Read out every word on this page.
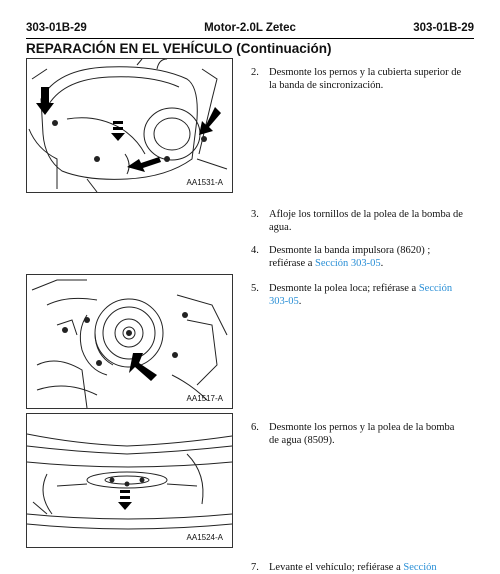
303-01B-29	Motor-2.0L Zetec	303-01B-29
REPARACIÓN EN EL VEHÍCULO (Continuación)
AA1531-A
AA1517-A
AA1524-A
2. Desmonte los pernos y la cubierta superior de la banda de sincronización.
3. Afloje los tornillos de la polea de la bomba de agua.
4. Desmonte la banda impulsora (8620) ; refiérase a Sección 303-05.
5. Desmonte la polea loca; refiérase a Sección 303-05.
6. Desmonte los pernos y la polea de la bomba de agua (8509).
7. Levante el vehículo; refiérase a Sección
